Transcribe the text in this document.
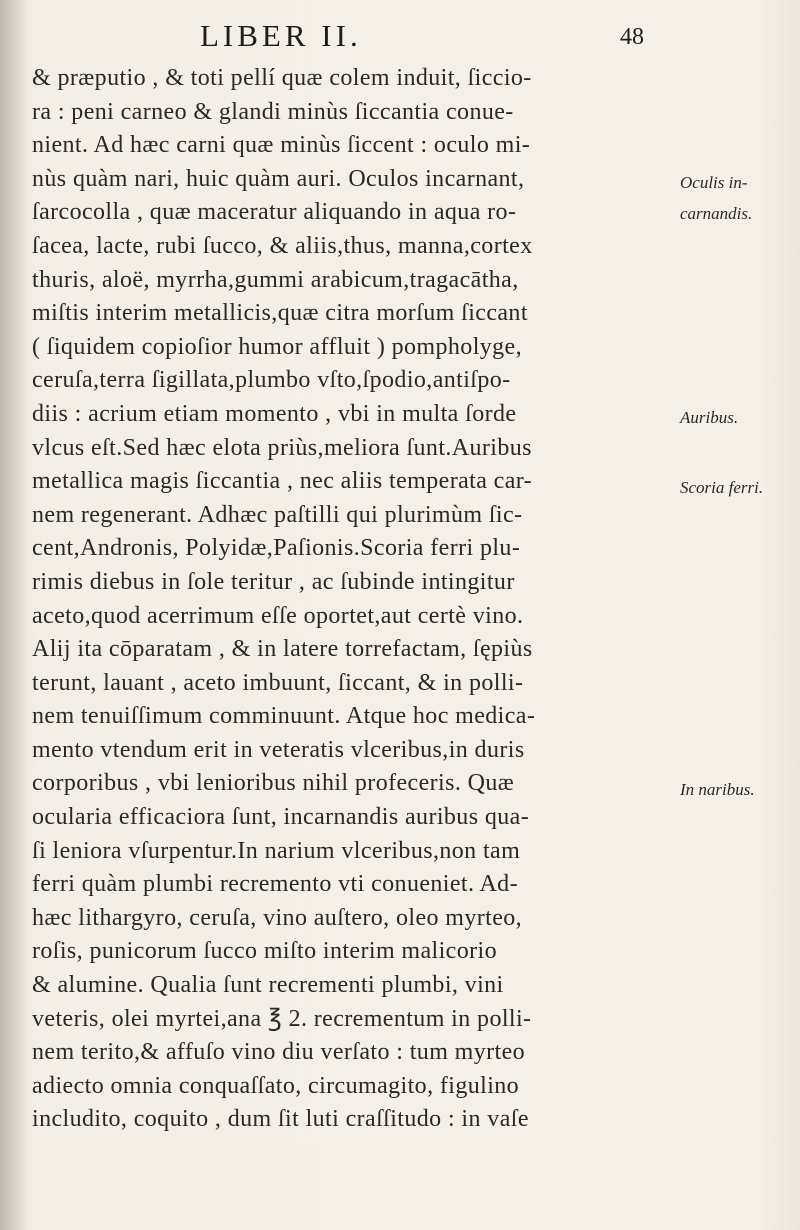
LIBER II.	48
& præputio , & toti pellí quæ colem induit, ſiccio-
ra : peni carneo & glandi minùs ſiccantia conue-
nient. Ad hæc carni quæ minùs ſiccent : oculo mi-
nùs quàm nari, huic quàm auri. Oculos incarnant,
ſarcocolla , quæ maceratur aliquando in aqua ro-
ſacea, lacte, rubi ſucco, & aliis,thus, manna,cortex
thuris, aloë, myrrha,gummi arabicum,tragacātha,
miſtis interim metallicis,quæ citra morſum ſiccant
( ſiquidem copioſior humor affluit ) pompholyge,
ceruſa,terra ſigillata,plumbo vſto,ſpodio,antiſpo-
diis : acrium etiam momento , vbi in multa ſorde
vlcus eſt.Sed hæc elota priùs,meliora ſunt.Auribus
metallica magis ſiccantia , nec aliis temperata car-
nem regenerant. Adhæc paſtilli qui plurimùm ſic-
cent,Andronis, Polyidæ,Paſionis.Scoria ferri plu-
rimis diebus in ſole teritur , ac ſubinde intingitur
aceto,quod acerrimum eſſe oportet,aut certè vino.
Alij ita cōparatam , & in latere torrefactam, ſępiùs
terunt, lauant , aceto imbuunt, ſiccant, & in polli-
nem tenuiſſimum comminuunt. Atque hoc medica-
mento vtendum erit in veteratis vlceribus,in duris
corporibus , vbi lenioribus nihil profeceris. Quæ
ocularia efficaciora ſunt, incarnandis auribus qua-
ſi leniora vſurpentur.In narium vlceribus,non tam
ferri quàm plumbi recremento vti conueniet. Ad-
hæc lithargyro, ceruſa, vino auſtero, oleo myrteo,
roſis, punicorum ſucco miſto interim malicorio
& alumine. Qualia ſunt recrementi plumbi, vini
veteris, olei myrtei,ana ℥ 2. recrementum in polli-
nem terito,& affuſo vino diu verſato : tum myrteo
adiecto omnia conquaſſato, circumagito, figulino
includito, coquito , dum ſit luti craſſitudo : in vaſe
Oculis in-
carnandis.
Auribus.
Scoria ferri.
In naribus.
